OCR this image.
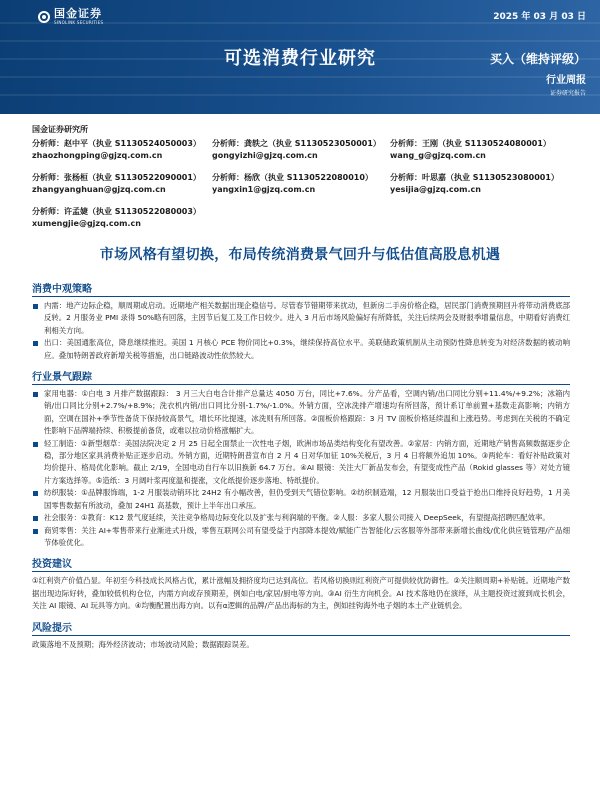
国金证券
SINOLINK SECURITIES
2025 年 03 月 03 日
可选消费行业研究	买入（维持评级）
行业周报
证券研究报告
国金证券研究所
分析师：赵中平（执业 S1130524050003）
zhaozhongping@gjzq.com.cn
分析师：龚轶之（执业 S1130523050001）
gongyizhi@gjzq.com.cn
分析师：王刚（执业 S1130524080001）
wang_g@gjzq.com.cn
分析师：张杨桓（执业 S1130522090001）
zhangyanghuan@gjzq.com.cn
分析师：杨欣（执业 S1130522080010）
yangxin1@gjzq.com.cn
分析师：叶思嘉（执业 S1130523080001）
yesijia@gjzq.com.cn
分析师：许孟婕（执业 S1130522080003）
xumengjie@gjzq.com.cn
市场风格有望切换，布局传统消费景气回升与低估值高股息机遇
消费中观策略
内需：地产边际企稳，顺周期或启动。近期地产相关数据出现企稳信号。尽管春节错期带来扰动，但新房二手房价格企稳，居民部门消费预期回升将带动消费底部反转。2 月服务业 PMI 录得 50%略有回落，主因节后复工及工作日较少。进入 3 月后市场风险偏好有所降低，关注后续两会及财报季增量信息，中期看好消费红利相关方向。
出口：美国通胀高位，降息继续推迟。美国 1 月核心 PCE 物价同比+0.3%，继续保持高位水平。美联储政策机制从主动预防性降息转变为对经济数据的被动响应。叠加特朗普政府新增关税等措施，出口链路波动性依然较大。
行业景气跟踪
家用电器：①白电 3 月排产数据跟踪： 3 月三大白电合计排产总量达 4050 万台，同比+7.6%。分产品看，空调内销/出口同比分别+11.4%/+9.2%；冰箱内销/出口同比分别+2.7%/+8.9%；洗衣机内销/出口同比分别-1.7%/-1.0%。外销方面，空冰洗排产增速均有所回落，预计系订单前置+基数走高影响；内销方面，空调在国补+季节性备货下保持较高景气，增长环比提速，冰洗则有所回落。②面板价格跟踪：3 月 TV 面板价格延续温和上涨趋势。考虑到在关税的不确定性影响下品牌端持续、积极提前备货，或难以拉动价格涨幅扩大。
轻工制造：①新型烟草：美国法院决定 2 月 25 日起全面禁止一次性电子烟，欧洲市场品类结构变化有望改善。②家居：内销方面，近期地产销售高频数据逐步企稳，部分地区家具消费补贴正逐步启动。外销方面，近期特朗普宣布自 2 月 4 日对华加征 10%关税后，3 月 4 日将额外追加 10%。③两轮车：看好补贴政策对均价提升、格局优化影响。截止 2/19，全国电动自行车以旧换新 64.7 万台。④AI 眼镜：关注大厂新品发布会，有望变成性产品（Rokid glasses 等）对处方镜片方案选择等。⑤造纸：3 月阔叶浆再度温和提涨，文化纸提价逐步落地、特纸提价。
纺织服装：①品牌服饰端，1-2 月服装动销环比 24H2 有小幅改善，但仍受到天气错位影响。②纺织制造端，12 月服装出口受益于抢出口维持良好趋势，1 月美国零售数据有所波动，叠加 24H1 高基数，预计上半年出口承压。
社会服务：①教育：K12 景气度延续，关注竞争格局边际变化以及扩张与利润端的平衡。②人服：多家人服公司接入 DeepSeek，有望提高招聘匹配效率。
商贸零售：关注 AI+零售带来行业渐进式升级，零售互联网公司有望受益于内部降本提效/赋能广告智能化/云客服等外部带来新增长曲线/优化供应链管理/产品细节体验优化。
投资建议
①红利资产价值凸显。年初至今科技成长风格占优，累计涨幅及拥挤度均已达到高位。若风格切换则红利资产可提供较优防御性。②关注顺周期+补贴链。近期地产数据出现边际好转，叠加较低机构仓位，内需方向或存预期差，例如白电/家居/厨电等方向。③AI 衍生方向机会。AI 技术落地仍在演绎，从主题投资过渡到成长机会，关注 AI 眼镜、AI 玩具等方向。④均衡配置出海方向。以有α逻辑的品牌/产品出海标的为主，例如挂钩海外电子烟的本土产业链机会。
风险提示
政策落地不及预期；海外经济波动；市场波动风险；数据跟踪误差。
